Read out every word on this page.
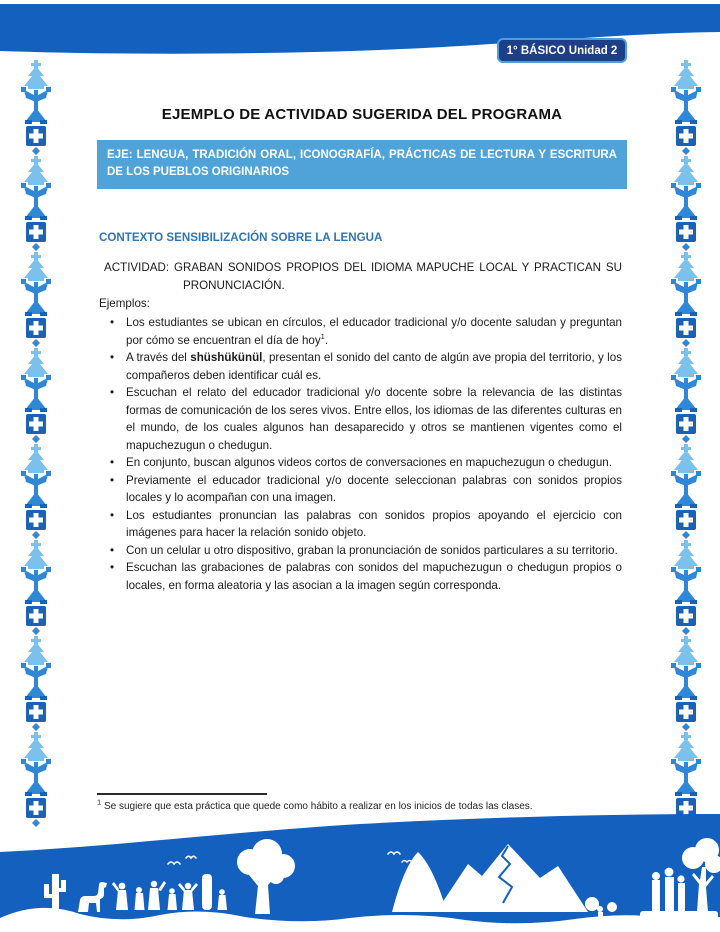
1° BÁSICO Unidad 2
EJEMPLO DE ACTIVIDAD SUGERIDA DEL PROGRAMA
EJE: LENGUA, TRADICIÓN ORAL, ICONOGRAFÍA, PRÁCTICAS DE LECTURA Y ESCRITURA DE LOS PUEBLOS ORIGINARIOS
CONTEXTO SENSIBILIZACIÓN SOBRE LA LENGUA
ACTIVIDAD: GRABAN SONIDOS PROPIOS DEL IDIOMA MAPUCHE LOCAL Y PRACTICAN SU
PRONUNCIACIÓN.
Ejemplos:
•	Los estudiantes se ubican en círculos, el educador tradicional y/o docente saludan y preguntan por cómo se encuentran el día de hoy$^1$.

•	A través del shüshükünül, presentan el sonido del canto de algún ave propia del territorio, y los compañeros deben identificar cuál es.

•	Escuchan el relato del educador tradicional y/o docente sobre la relevancia de las distintas formas de comunicación de los seres vivos. Entre ellos, los idiomas de las diferentes culturas en el mundo, de los cuales algunos han desaparecido y otros se mantienen vigentes como el mapuchezugun o chedugun.

•	En conjunto, buscan algunos videos cortos de conversaciones en mapuchezugun o chedugun.

•	Previamente el educador tradicional y/o docente seleccionan palabras con sonidos propios locales y lo acompañan con una imagen.

•	Los estudiantes pronuncian las palabras con sonidos propios apoyando el ejercicio con imágenes para hacer la relación sonido objeto.

•	Con un celular u otro dispositivo, graban la pronunciación de sonidos particulares a su territorio.

•	Escuchan las grabaciones de palabras con sonidos del mapuchezugun o chedugun propios o locales, en forma aleatoria y las asocian a la imagen según corresponda.

$^1$ Se sugiere que esta práctica que quede como hábito a realizar en los inicios de todas las clases.
